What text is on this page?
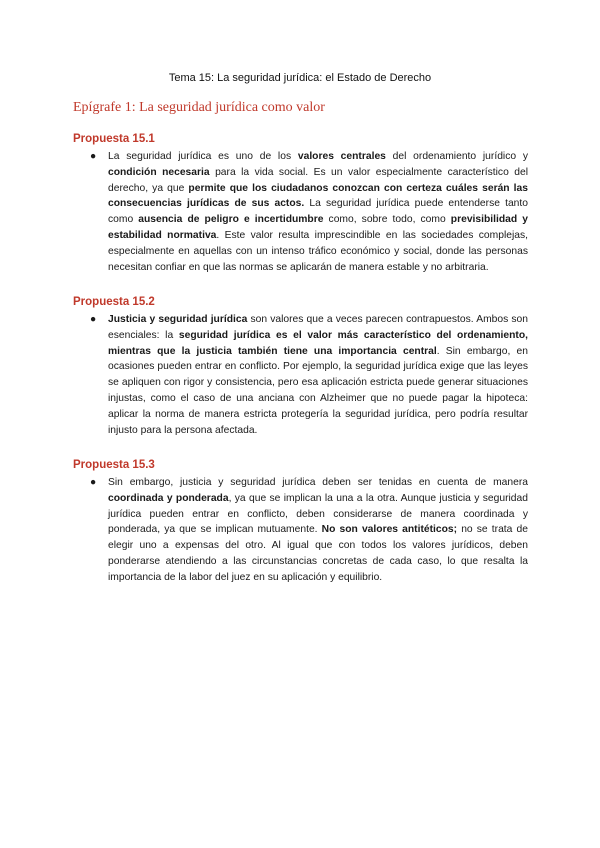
Tema 15: La seguridad jurídica: el Estado de Derecho
Epígrafe 1: La seguridad jurídica como valor
Propuesta 15.1
● La seguridad jurídica es uno de los valores centrales del ordenamiento jurídico y condición necesaria para la vida social. Es un valor especialmente característico del derecho, ya que permite que los ciudadanos conozcan con certeza cuáles serán las consecuencias jurídicas de sus actos. La seguridad jurídica puede entenderse tanto como ausencia de peligro e incertidumbre como, sobre todo, como previsibilidad y estabilidad normativa. Este valor resulta imprescindible en las sociedades complejas, especialmente en aquellas con un intenso tráfico económico y social, donde las personas necesitan confiar en que las normas se aplicarán de manera estable y no arbitraria.

Propuesta 15.2
● Justicia y seguridad jurídica son valores que a veces parecen contrapuestos. Ambos son esenciales: la seguridad jurídica es el valor más característico del ordenamiento, mientras que la justicia también tiene una importancia central. Sin embargo, en ocasiones pueden entrar en conflicto. Por ejemplo, la seguridad jurídica exige que las leyes se apliquen con rigor y consistencia, pero esa aplicación estricta puede generar situaciones injustas, como el caso de una anciana con Alzheimer que no puede pagar la hipoteca: aplicar la norma de manera estricta protegería la seguridad jurídica, pero podría resultar injusto para la persona afectada.

Propuesta 15.3
● Sin embargo, justicia y seguridad jurídica deben ser tenidas en cuenta de manera coordinada y ponderada, ya que se implican la una a la otra. Aunque justicia y seguridad jurídica pueden entrar en conflicto, deben considerarse de manera coordinada y ponderada, ya que se implican mutuamente. No son valores antitéticos; no se trata de elegir uno a expensas del otro. Al igual que con todos los valores jurídicos, deben ponderarse atendiendo a las circunstancias concretas de cada caso, lo que resalta la importancia de la labor del juez en su aplicación y equilibrio.
